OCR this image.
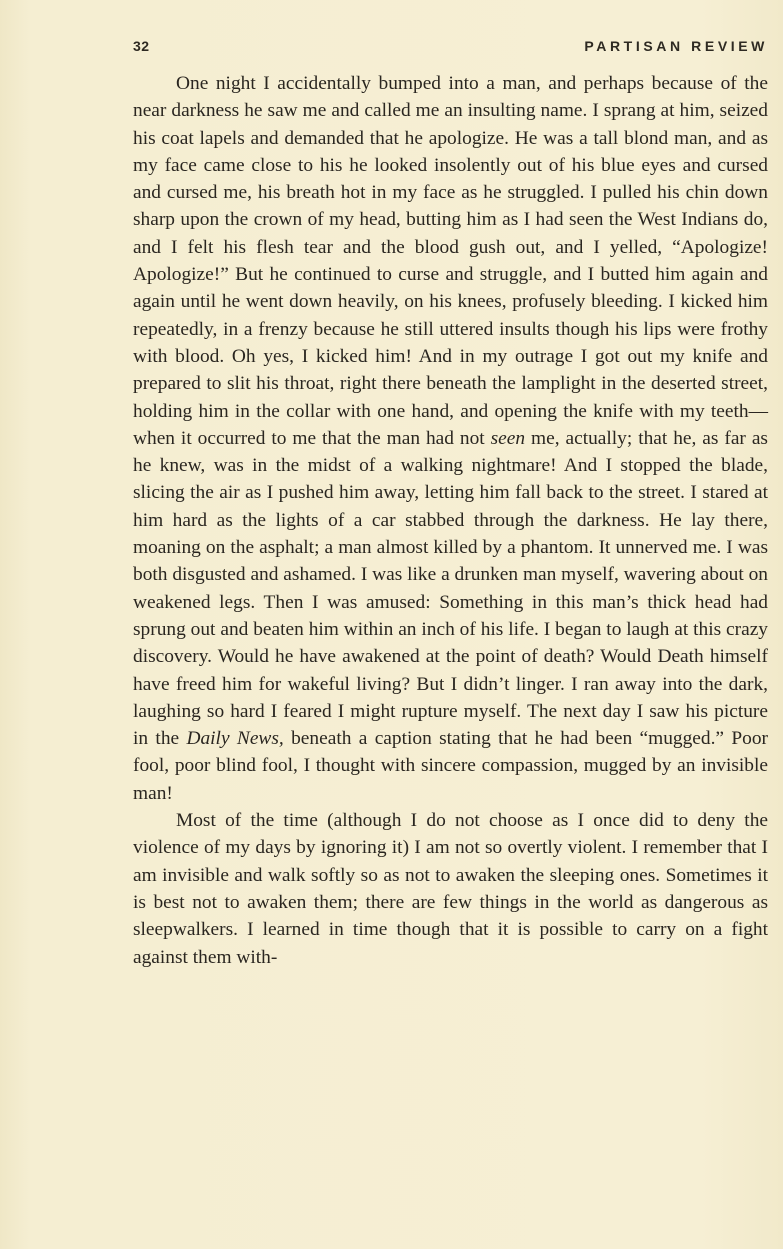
32	PARTISAN REVIEW

One night I accidentally bumped into a man, and perhaps because of the near darkness he saw me and called me an insulting name. I sprang at him, seized his coat lapels and demanded that he apologize. He was a tall blond man, and as my face came close to his he looked insolently out of his blue eyes and cursed and cursed me, his breath hot in my face as he struggled. I pulled his chin down sharp upon the crown of my head, butting him as I had seen the West Indians do, and I felt his flesh tear and the blood gush out, and I yelled, “Apologize! Apologize!” But he continued to curse and struggle, and I butted him again and again until he went down heavily, on his knees, profusely bleeding. I kicked him repeatedly, in a frenzy because he still uttered insults though his lips were frothy with blood. Oh yes, I kicked him! And in my outrage I got out my knife and prepared to slit his throat, right there beneath the lamplight in the deserted street, holding him in the collar with one hand, and opening the knife with my teeth—when it occurred to me that the man had not seen me, actually; that he, as far as he knew, was in the midst of a walking nightmare! And I stopped the blade, slicing the air as I pushed him away, letting him fall back to the street. I stared at him hard as the lights of a car stabbed through the darkness. He lay there, moaning on the asphalt; a man almost killed by a phantom. It unnerved me. I was both disgusted and ashamed. I was like a drunken man myself, wavering about on weakened legs. Then I was amused: Something in this man’s thick head had sprung out and beaten him within an inch of his life. I began to laugh at this crazy discovery. Would he have awakened at the point of death? Would Death himself have freed him for wakeful living? But I didn’t linger. I ran away into the dark, laughing so hard I feared I might rupture myself. The next day I saw his picture in the Daily News, beneath a caption stating that he had been “mugged.” Poor fool, poor blind fool, I thought with sincere compassion, mugged by an invisible man!

Most of the time (although I do not choose as I once did to deny the violence of my days by ignoring it) I am not so overtly violent. I remember that I am invisible and walk softly so as not to awaken the sleeping ones. Sometimes it is best not to awaken them; there are few things in the world as dangerous as sleepwalkers. I learned in time though that it is possible to carry on a fight against them with-
